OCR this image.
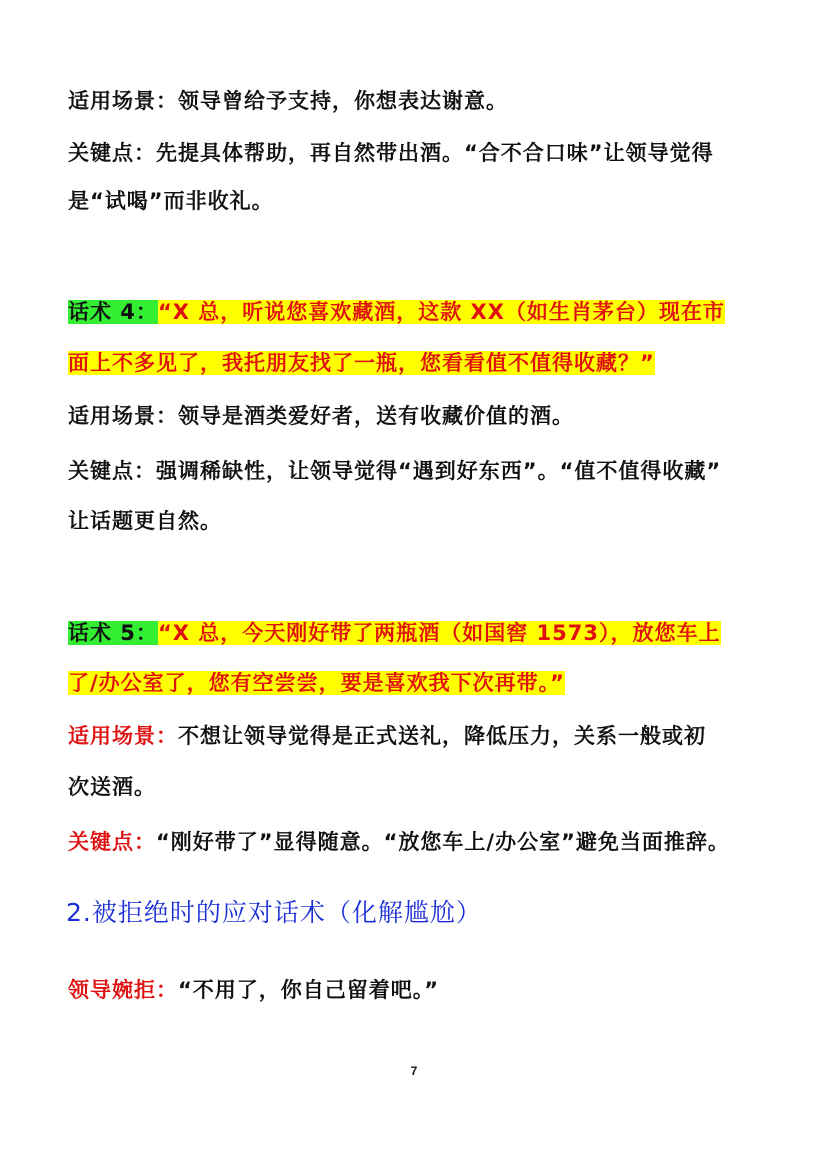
适用场景：领导曾给予支持，你想表达谢意。
关键点：先提具体帮助，再自然带出酒。“合不合口味”让领导觉得
是“试喝”而非收礼。
话术 4：“X 总，听说您喜欢藏酒，这款 XX（如生肖茅台）现在市
面上不多见了，我托朋友找了一瓶，您看看值不值得收藏？”
适用场景：领导是酒类爱好者，送有收藏价值的酒。
关键点：强调稀缺性，让领导觉得“遇到好东西”。“值不值得收藏”
让话题更自然。
话术 5：“X 总，今天刚好带了两瓶酒（如国窖 1573），放您车上
了/办公室了，您有空尝尝，要是喜欢我下次再带。”
适用场景：不想让领导觉得是正式送礼，降低压力，关系一般或初
次送酒。
关键点：“刚好带了”显得随意。“放您车上/办公室”避免当面推辞。
2.被拒绝时的应对话术（化解尴尬）
领导婉拒：“不用了，你自己留着吧。”
7
